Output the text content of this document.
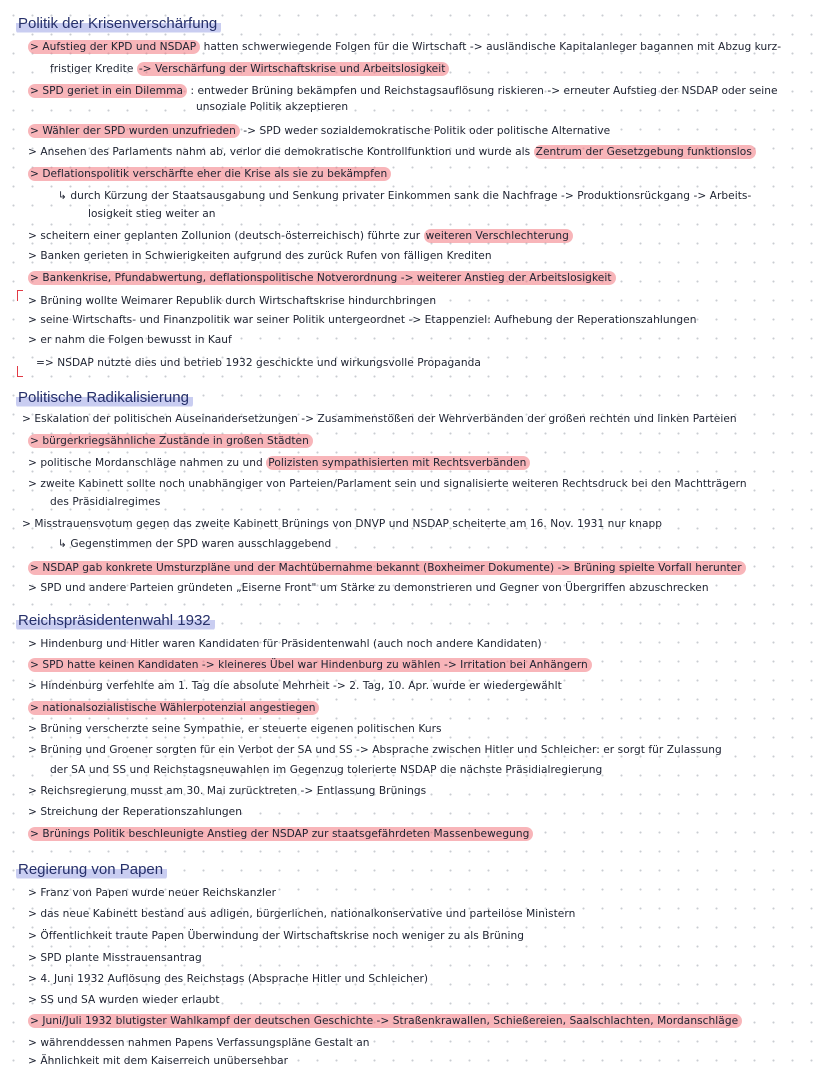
Politik der Krisenverschärfung
Politische Radikalisierung
Reichspräsidentenwahl 1932
Regierung von Papen
> Aufstieg der KPD und NSDAP hatten schwerwiegende Folgen für die Wirtschaft -> ausländische Kapitalanleger bagannen mit Abzug kurz-
fristiger Kredite -> Verschärfung der Wirtschaftskrise und Arbeitslosigkeit
> SPD geriet in ein Dilemma : entweder Brüning bekämpfen und Reichstagsauflösung riskieren -> erneuter Aufstieg der NSDAP oder seine
unsoziale Politik akzeptieren
> Wähler der SPD wurden unzufrieden -> SPD weder sozialdemokratische Politik oder politische Alternative
> Ansehen des Parlaments nahm ab, verlor die demokratische Kontrollfunktion und wurde als Zentrum der Gesetzgebung funktionslos
> Deflationspolitik verschärfte eher die Krise als sie zu bekämpfen
↳ durch Kürzung der Staatsausgabung und Senkung privater Einkommen sank die Nachfrage -> Produktionsrückgang -> Arbeits-
losigkeit stieg weiter an
> scheitern einer geplanten Zollunion (deutsch-österreichisch) führte zur weiteren Verschlechterung
> Banken gerieten in Schwierigkeiten aufgrund des zurück Rufen von fälligen Krediten
> Bankenkrise, Pfundabwertung, deflationspolitische Notverordnung -> weiterer Anstieg der Arbeitslosigkeit
> Brüning wollte Weimarer Republik durch Wirtschaftskrise hindurchbringen
> seine Wirtschafts- und Finanzpolitik war seiner Politik untergeordnet -> Etappenziel: Aufhebung der Reperationszahlungen
> er nahm die Folgen bewusst in Kauf
=> NSDAP nutzte dies und betrieb 1932 geschickte und wirkungsvolle Propaganda
> Eskalation der politischen Auseinandersetzungen -> Zusammenstößen der Wehrverbänden der großen rechten und linken Parteien
> bürgerkriegsähnliche Zustände in großen Städten
> politische Mordanschläge nahmen zu und Polizisten sympathisierten mit Rechtsverbänden
> zweite Kabinett sollte noch unabhängiger von Parteien/Parlament sein und signalisierte weiteren Rechtsdruck bei den Machtträgern
des Präsidialregimes
> Misstrauensvotum gegen das zweite Kabinett Brünings von DNVP und NSDAP scheiterte am 16. Nov. 1931 nur knapp
↳ Gegenstimmen der SPD waren ausschlaggebend
> NSDAP gab konkrete Umsturzpläne und der Machtübernahme bekannt (Boxheimer Dokumente) -> Brüning spielte Vorfall herunter
> SPD und andere Parteien gründeten „Eiserne Front" um Stärke zu demonstrieren und Gegner von Übergriffen abzuschrecken
> Hindenburg und Hitler waren Kandidaten für Präsidentenwahl (auch noch andere Kandidaten)
> SPD hatte keinen Kandidaten -> kleineres Übel war Hindenburg zu wählen -> Irritation bei Anhängern
> Hindenburg verfehlte am 1. Tag die absolute Mehrheit -> 2. Tag, 10. Apr. wurde er wiedergewählt
> nationalsozialistische Wählerpotenzial angestiegen
> Brüning verscherzte seine Sympathie, er steuerte eigenen politischen Kurs
> Brüning und Groener sorgten für ein Verbot der SA und SS -> Absprache zwischen Hitler und Schleicher: er sorgt für Zulassung
der SA und SS und Reichstagsneuwahlen im Gegenzug tolerierte NSDAP die nächste Präsidialregierung
> Reichsregierung musst am 30. Mai zurücktreten -> Entlassung Brünings
> Streichung der Reperationszahlungen
> Brünings Politik beschleunigte Anstieg der NSDAP zur staatsgefährdeten Massenbewegung
> Franz von Papen wurde neuer Reichskanzler
> das neue Kabinett bestand aus adligen, bürgerlichen, nationalkonservative und parteilose Ministern
> Öffentlichkeit traute Papen Überwindung der Wirtschaftskrise noch weniger zu als Brüning
> SPD plante Misstrauensantrag
> 4. Juni 1932 Auflösung des Reichstags (Absprache Hitler und Schleicher)
> SS und SA wurden wieder erlaubt
> Juni/Juli 1932 blutigster Wahlkampf der deutschen Geschichte -> Straßenkrawallen, Schießereien, Saalschlachten, Mordanschläge
> währenddessen nahmen Papens Verfassungspläne Gestalt an
> Ähnlichkeit mit dem Kaiserreich unübersehbar
